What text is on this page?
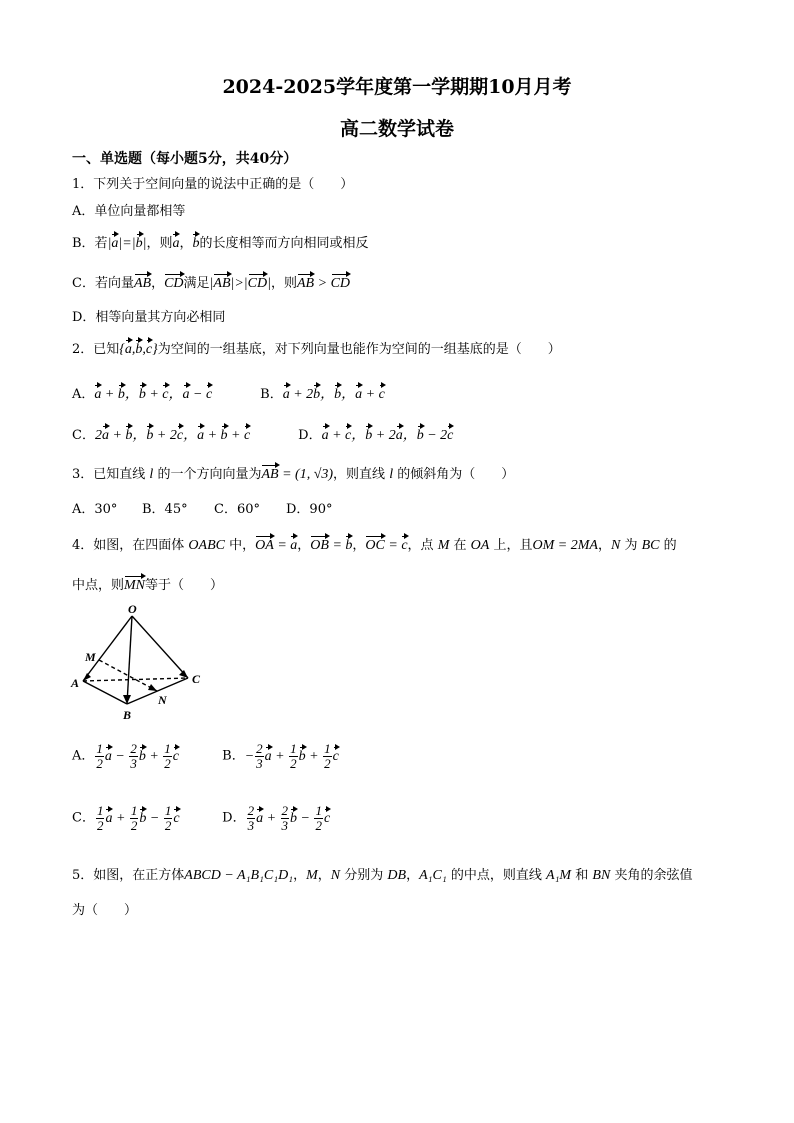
2024-2025学年度第一学期期10月月考
高二数学试卷
一、单选题（每小题5分，共40分）
1．下列关于空间向量的说法中正确的是（　　）
A．单位向量都相等
B．若|a|=|b|，则a，b的长度相等而方向相同或相反
C．若向量AB，CD满足|AB|>|CD|，则AB > CD
D．相等向量其方向必相同
2．已知{a,b,c}为空间的一组基底，对下列向量也能作为空间的一组基底的是（　　）
A．a + b，b + c，a − c	B．a + 2b，b，a + c
C．2a + b，b + 2c，a + b + c	D．a + c，b + 2a，b − 2c
3．已知直线 l 的一个方向向量为AB = (1, √3)，则直线 l 的倾斜角为（　　）
A．30° B．45° C．60° D．90°
4．如图，在四面体 OABC 中，OA = a，OB = b，OC = c，点 M 在 OA 上，且OM = 2MA，N 为 BC 的
中点，则MN等于（　　）
O
M
A
B
C
N
A． $\frac{1}{2}$ $a - \frac{2}{3}$ $b + \frac{1}{2}$ c	B．− $\frac{2}{3}$ $a + \frac{1}{2}$ $b + \frac{1}{2}$ c
C． $\frac{1}{2}$ $a + \frac{1}{2}$ $b - \frac{1}{2}$ c	D． $\frac{2}{3}$ $a + \frac{2}{3}$ $b - \frac{1}{2}$ c
5．如图，在正方体ABCD − A₁B₁C₁D₁，M，N 分别为 DB，A₁C₁ 的中点，则直线 A₁M 和 BN 夹角的余弦值
为（　　）
